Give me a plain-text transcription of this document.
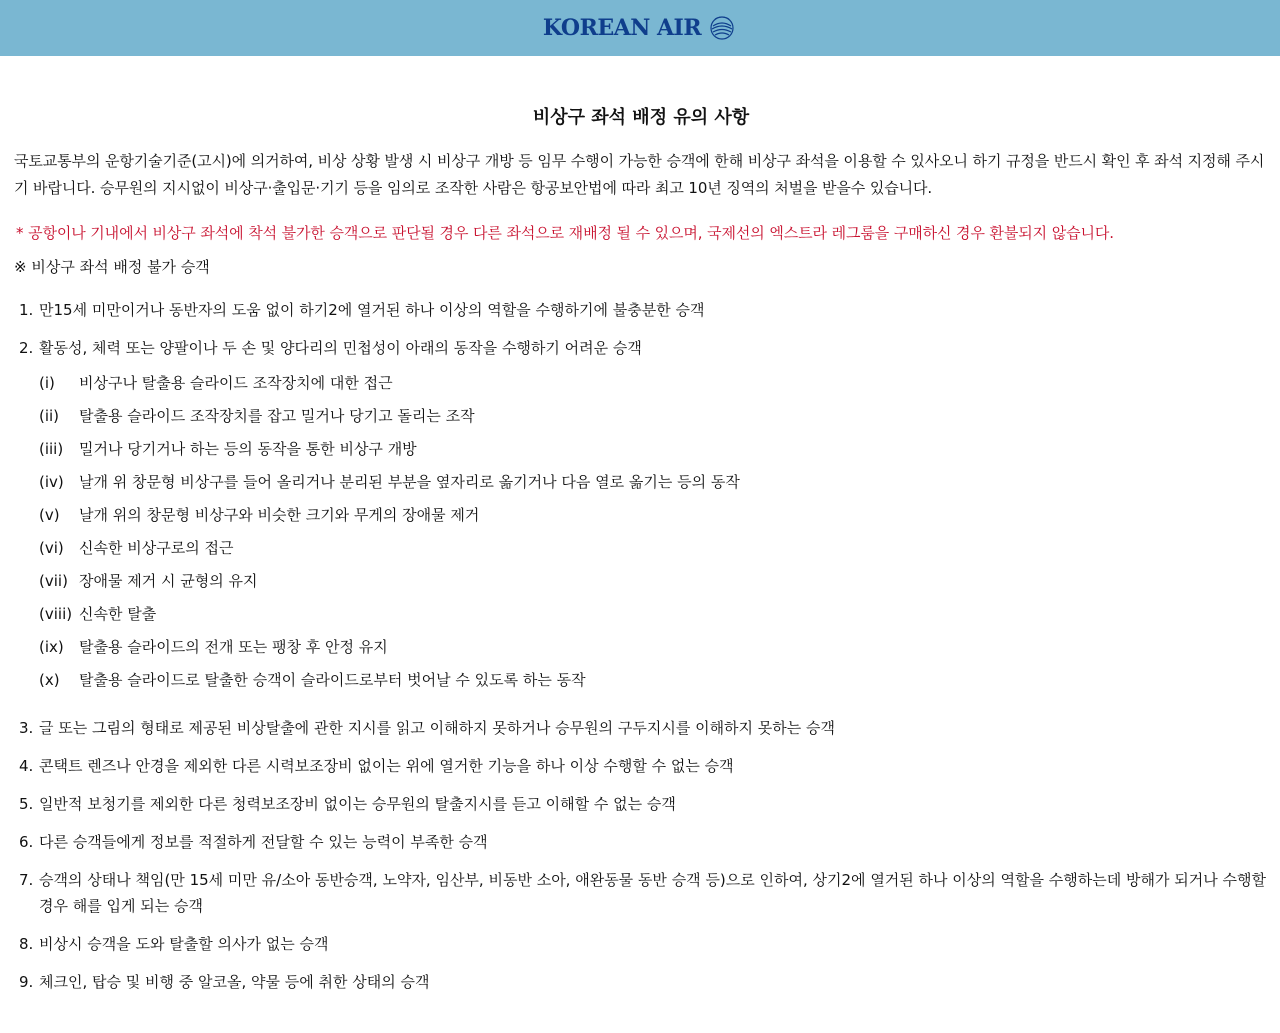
KOREAN AIR
비상구 좌석 배정 유의 사항

국토교통부의 운항기술기준(고시)에 의거하여, 비상 상황 발생 시 비상구 개방 등 임무 수행이 가능한 승객에 한해 비상구 좌석을 이용할 수 있사오니 하기 규정을 반드시 확인 후 좌석 지정해 주시기 바랍니다. 승무원의 지시없이 비상구·출입문·기기 등을 임의로 조작한 사람은 항공보안법에 따라 최고 10년 징역의 처벌을 받을수 있습니다.

* 공항이나 기내에서 비상구 좌석에 착석 불가한 승객으로 판단될 경우 다른 좌석으로 재배정 될 수 있으며, 국제선의 엑스트라 레그룸을 구매하신 경우 환불되지 않습니다.

※ 비상구 좌석 배정 불가 승객

1. 만15세 미만이거나 동반자의 도움 없이 하기2에 열거된 하나 이상의 역할을 수행하기에 불충분한 승객
2. 활동성, 체력 또는 양팔이나 두 손 및 양다리의 민첩성이 아래의 동작을 수행하기 어려운 승객
(i)	비상구나 탈출용 슬라이드 조작장치에 대한 접근
(ii)	탈출용 슬라이드 조작장치를 잡고 밀거나 당기고 돌리는 조작
(iii)	밀거나 당기거나 하는 등의 동작을 통한 비상구 개방
(iv)	날개 위 창문형 비상구를 들어 올리거나 분리된 부분을 옆자리로 옮기거나 다음 열로 옮기는 등의 동작
(v)	날개 위의 창문형 비상구와 비슷한 크기와 무게의 장애물 제거
(vi)	신속한 비상구로의 접근
(vii) 장애물 제거 시 균형의 유지
(viii) 신속한 탈출
(ix)	탈출용 슬라이드의 전개 또는 팽창 후 안정 유지
(x)	탈출용 슬라이드로 탈출한 승객이 슬라이드로부터 벗어날 수 있도록 하는 동작
3. 글 또는 그림의 형태로 제공된 비상탈출에 관한 지시를 읽고 이해하지 못하거나 승무원의 구두지시를 이해하지 못하는 승객
4. 콘택트 렌즈나 안경을 제외한 다른 시력보조장비 없이는 위에 열거한 기능을 하나 이상 수행할 수 없는 승객
5. 일반적 보청기를 제외한 다른 청력보조장비 없이는 승무원의 탈출지시를 듣고 이해할 수 없는 승객
6. 다른 승객들에게 정보를 적절하게 전달할 수 있는 능력이 부족한 승객
7. 승객의 상태나 책임(만 15세 미만 유/소아 동반승객, 노약자, 임산부, 비동반 소아, 애완동물 동반 승객 등)으로 인하여, 상기2에 열거된 하나 이상의 역할을 수행하는데 방해가 되거나 수행할 경우 해를 입게 되는 승객
8. 비상시 승객을 도와 탈출할 의사가 없는 승객
9. 체크인, 탑승 및 비행 중 알코올, 약물 등에 취한 상태의 승객
